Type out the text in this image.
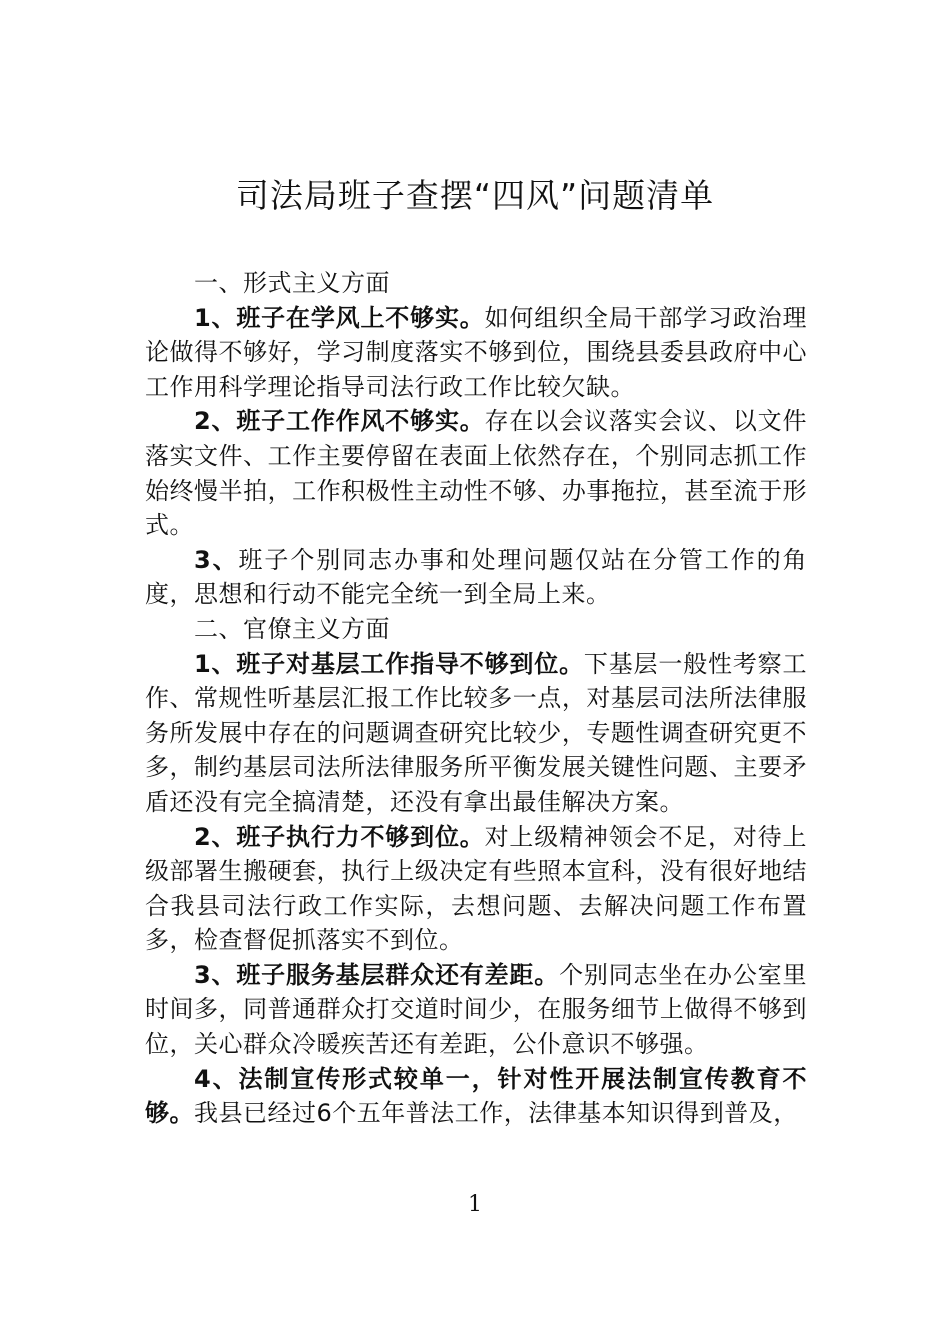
司法局班子查摆“四风”问题清单

一、形式主义方面

1、班子在学风上不够实。如何组织全局干部学习政治理论做得不够好，学习制度落实不够到位，围绕县委县政府中心工作用科学理论指导司法行政工作比较欠缺。

2、班子工作作风不够实。存在以会议落实会议、以文件落实文件、工作主要停留在表面上依然存在，个别同志抓工作始终慢半拍，工作积极性主动性不够、办事拖拉，甚至流于形式。

3、班子个别同志办事和处理问题仅站在分管工作的角度，思想和行动不能完全统一到全局上来。

二、官僚主义方面

1、班子对基层工作指导不够到位。下基层一般性考察工作、常规性听基层汇报工作比较多一点，对基层司法所法律服务所发展中存在的问题调查研究比较少，专题性调查研究更不多，制约基层司法所法律服务所平衡发展关键性问题、主要矛盾还没有完全搞清楚，还没有拿出最佳解决方案。

2、班子执行力不够到位。对上级精神领会不足，对待上级部署生搬硬套，执行上级决定有些照本宣科，没有很好地结合我县司法行政工作实际，去想问题、去解决问题工作布置多，检查督促抓落实不到位。

3、班子服务基层群众还有差距。个别同志坐在办公室里时间多，同普通群众打交道时间少，在服务细节上做得不够到位，关心群众冷暖疾苦还有差距，公仆意识不够强。

4、法制宣传形式较单一，针对性开展法制宣传教育不够。我县已经过6个五年普法工作，法律基本知识得到普及，

1
